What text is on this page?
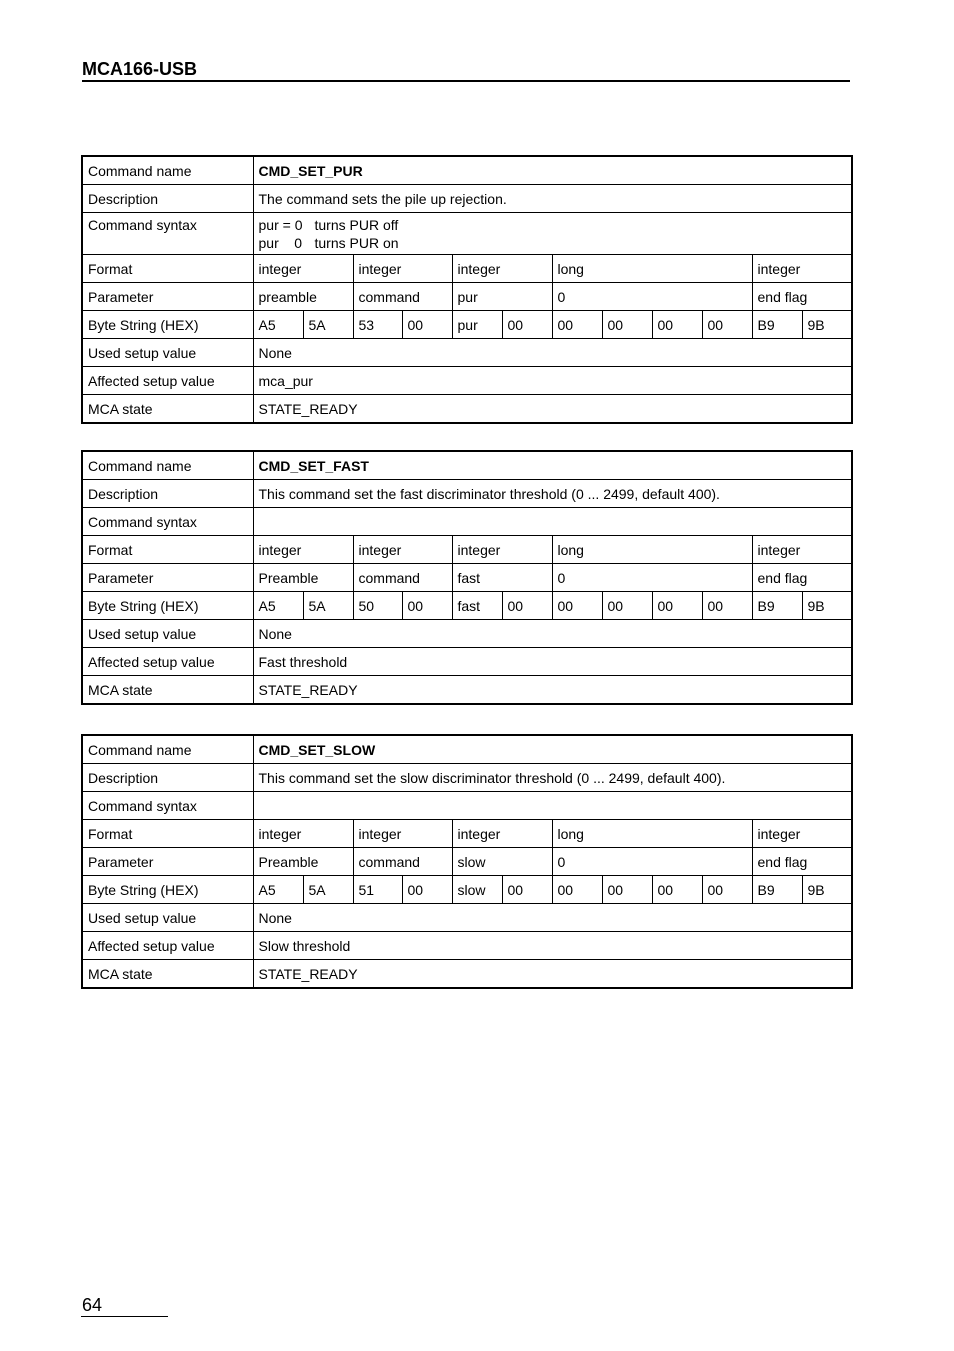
MCA166-USB
Command name	CMD_SET_PUR											
Description	The command sets the pile up rejection.											
Command syntax	pur = 0 turns PUR off
pur    0 turns PUR on											

Format	integer		integer		integer		long				integer	
Parameter	preamble		command		pur		0				end flag	
Byte String (HEX)	A5	5A	53	00	pur	00	00	00	00	00	B9	9B
Used setup value	None											
Affected setup value	mca_pur											
MCA state	STATE_READY											
Command name	CMD_SET_FAST											
Description	This command set the fast discriminator threshold (0 ... 2499, default 400).											
Command syntax												
Format	integer		integer		integer		long				integer	
Parameter	Preamble		command		fast		0				end flag	
Byte String (HEX)	A5	5A	50	00	fast	00	00	00	00	00	B9	9B
Used setup value	None											
Affected setup value	Fast threshold											
MCA state	STATE_READY											
Command name	CMD_SET_SLOW											
Description	This command set the slow discriminator threshold (0 ... 2499, default 400).											
Command syntax												
Format	integer		integer		integer		long				integer	
Parameter	Preamble		command		slow		0				end flag	
Byte String (HEX)	A5	5A	51	00	slow	00	00	00	00	00	B9	9B
Used setup value	None											
Affected setup value	Slow threshold											
MCA state	STATE_READY											
64
